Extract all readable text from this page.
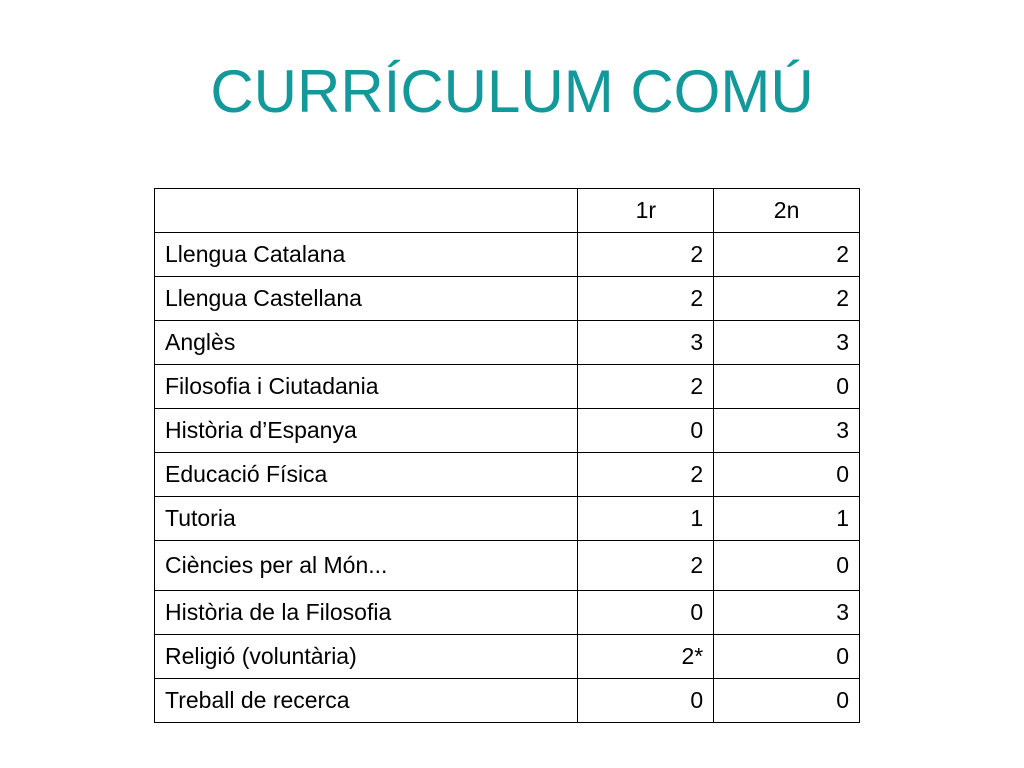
CURRÍCULUM COMÚ
	1r	2n
Llengua Catalana	2	2
Llengua Castellana	2	2
Anglès	3	3
Filosofia i Ciutadania	2	0
Història d’Espanya	0	3
Educació Física	2	0
Tutoria	1	1
Ciències per al Món...	2	0
Història de la Filosofia	0	3
Religió (voluntària)	2*	0
Treball de recerca	0	0
